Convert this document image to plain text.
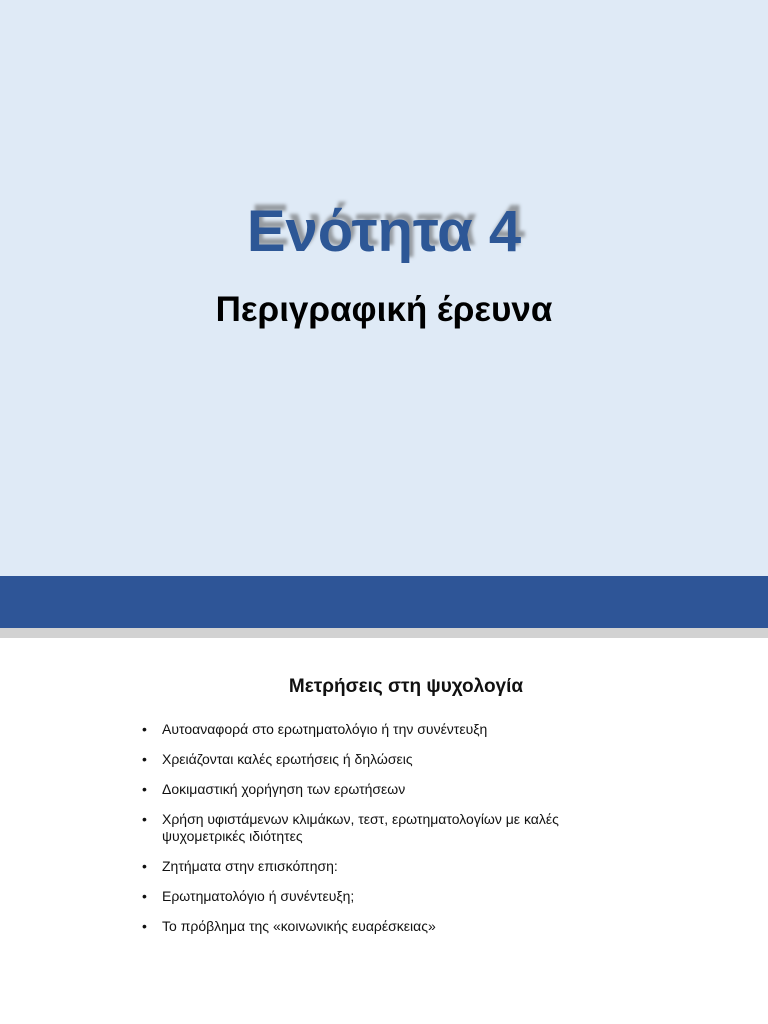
Ενότητα 4
Περιγραφική έρευνα
Μετρήσεις στη ψυχολογία
• Αυτοαναφορά στο ερωτηματολόγιο ή την συνέντευξη
• Χρειάζονται καλές ερωτήσεις ή δηλώσεις
• Δοκιμαστική χορήγηση των ερωτήσεων
• Χρήση υφιστάμενων κλιμάκων, τεστ, ερωτηματολογίων με καλές ψυχομετρικές ιδιότητες
• Ζητήματα στην επισκόπηση:
• Ερωτηματολόγιο ή συνέντευξη;
• Το πρόβλημα της «κοινωνικής ευαρέσκειας»
